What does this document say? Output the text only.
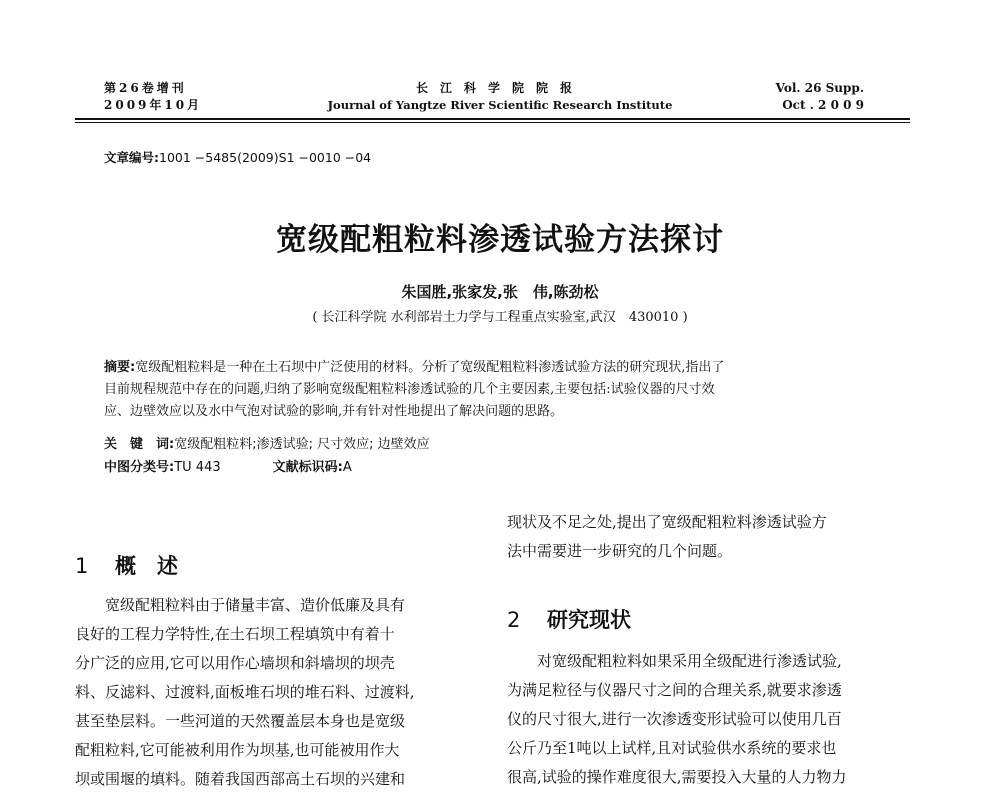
第26卷增刊
2009年10月
长江科学院院报
Journal of Yangtze River Scientific Research Institute
Vol. 26 Supp.
Oct . 2 0 0 9
文章编号:1001 −5485(2009)S1 −0010 −04
宽级配粗粒料渗透试验方法探讨
朱国胜,张家发,张　伟,陈劲松
( 长江科学院 水利部岩土力学与工程重点实验室,武汉　430010 )
摘要:宽级配粗粒料是一种在土石坝中广泛使用的材料。分析了宽级配粗粒料渗透试验方法的研究现状,指出了
目前规程规范中存在的问题,归纳了影响宽级配粗粒料渗透试验的几个主要因素,主要包括:试验仪器的尺寸效
应、边壁效应以及水中气泡对试验的影响,并有针对性地提出了解决问题的思路。
关　键　词:宽级配粗粒料;渗透试验; 尺寸效应; 边壁效应
中图分类号:TU 443	文献标识码:A
1 概　述
宽级配粗粒料由于储量丰富、造价低廉及具有
良好的工程力学特性,在土石坝工程填筑中有着十
分广泛的应用,它可以用作心墙坝和斜墙坝的坝壳
料、反滤料、过渡料,面板堆石坝的堆石料、过渡料,
甚至垫层料。一些河道的天然覆盖层本身也是宽级
配粗粒料,它可能被利用作为坝基,也可能被用作大
坝或围堰的填料。随着我国西部高土石坝的兴建和
现状及不足之处,提出了宽级配粗粒料渗透试验方
法中需要进一步研究的几个问题。
2 研究现状
对宽级配粗粒料如果采用全级配进行渗透试验,
为满足粒径与仪器尺寸之间的合理关系,就要求渗透
仪的尺寸很大,进行一次渗透变形试验可以使用几百
公斤乃至1吨以上试样,且对试验供水系统的要求也
很高,试验的操作难度很大,需要投入大量的人力物力
